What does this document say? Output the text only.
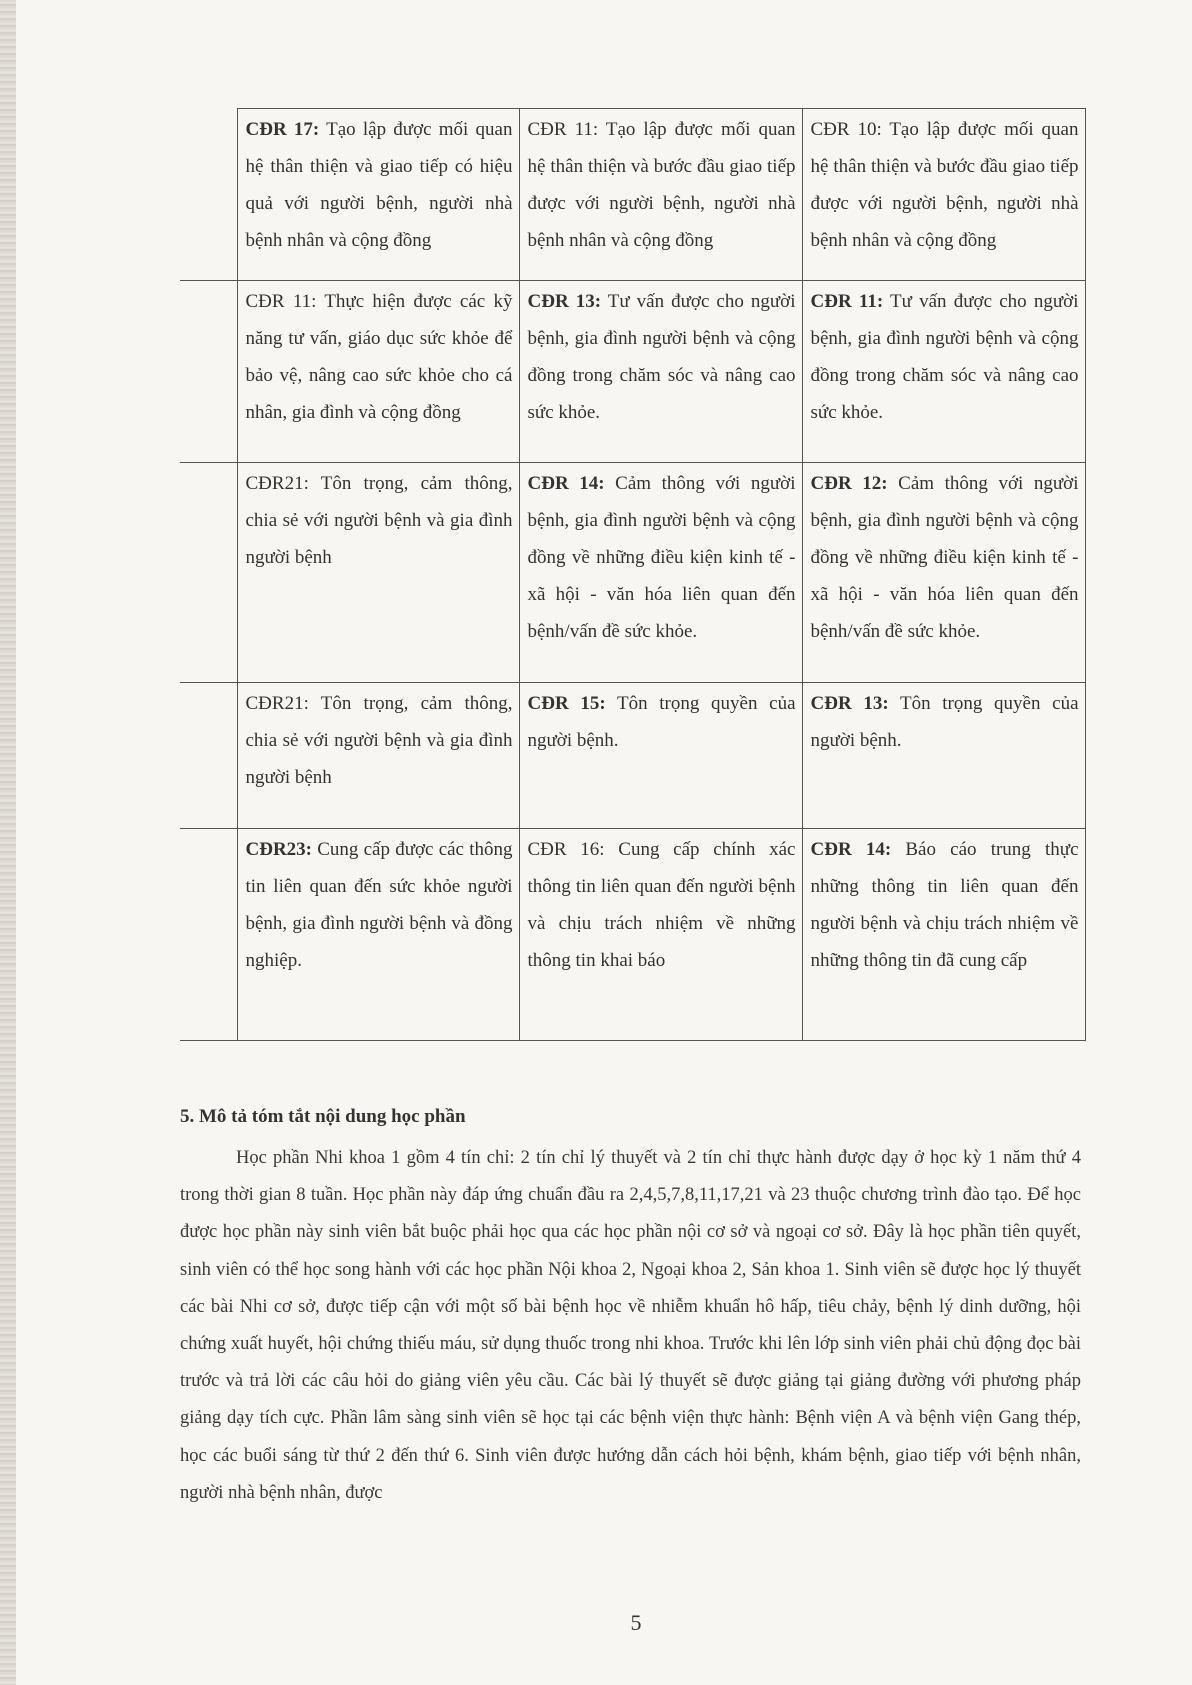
	CĐR 17: Tạo lập được mối quan hệ thân thiện và giao tiếp có hiệu quả với người bệnh, người nhà bệnh nhân và cộng đồng	CĐR 11: Tạo lập được mối quan hệ thân thiện và bước đầu giao tiếp được với người bệnh, người nhà bệnh nhân và cộng đồng	CĐR 10: Tạo lập được mối quan hệ thân thiện và bước đầu giao tiếp được với người bệnh, người nhà bệnh nhân và cộng đồng
	CĐR 11: Thực hiện được các kỹ năng tư vấn, giáo dục sức khỏe để bảo vệ, nâng cao sức khỏe cho cá nhân, gia đình và cộng đồng	CĐR 13: Tư vấn được cho người bệnh, gia đình người bệnh và cộng đồng trong chăm sóc và nâng cao sức khỏe.	CĐR 11: Tư vấn được cho người bệnh, gia đình người bệnh và cộng đồng trong chăm sóc và nâng cao sức khỏe.
	CĐR21: Tôn trọng, cảm thông, chia sẻ với người bệnh và gia đình người bệnh	CĐR 14: Cảm thông với người bệnh, gia đình người bệnh và cộng đồng về những điều kiện kinh tế - xã hội - văn hóa liên quan đến bệnh/vấn đề sức khỏe.	CĐR 12: Cảm thông với người bệnh, gia đình người bệnh và cộng đồng về những điều kiện kinh tế - xã hội - văn hóa liên quan đến bệnh/vấn đề sức khỏe.
	CĐR21: Tôn trọng, cảm thông, chia sẻ với người bệnh và gia đình người bệnh	CĐR 15: Tôn trọng quyền của người bệnh.	CĐR 13: Tôn trọng quyền của người bệnh.
	CĐR23: Cung cấp được các thông tin liên quan đến sức khỏe người bệnh, gia đình người bệnh và đồng nghiệp.	CĐR 16: Cung cấp chính xác thông tin liên quan đến người bệnh và chịu trách nhiệm về những thông tin khai báo	CĐR 14: Báo cáo trung thực những thông tin liên quan đến người bệnh và chịu trách nhiệm về những thông tin đã cung cấp
5. Mô tả tóm tắt nội dung học phần

Học phần Nhi khoa 1 gồm 4 tín chỉ: 2 tín chỉ lý thuyết và 2 tín chỉ thực hành được dạy ở học kỳ 1 năm thứ 4 trong thời gian 8 tuần. Học phần này đáp ứng chuẩn đầu ra 2,4,5,7,8,11,17,21 và 23 thuộc chương trình đào tạo. Để học được học phần này sinh viên bắt buộc phải học qua các học phần nội cơ sở và ngoại cơ sở. Đây là học phần tiên quyết, sinh viên có thể học song hành với các học phần Nội khoa 2, Ngoại khoa 2, Sản khoa 1. Sinh viên sẽ được học lý thuyết các bài Nhi cơ sở, được tiếp cận với một số bài bệnh học về nhiễm khuẩn hô hấp, tiêu chảy, bệnh lý dinh dưỡng, hội chứng xuất huyết, hội chứng thiếu máu, sử dụng thuốc trong nhi khoa. Trước khi lên lớp sinh viên phải chủ động đọc bài trước và trả lời các câu hỏi do giảng viên yêu cầu. Các bài lý thuyết sẽ được giảng tại giảng đường với phương pháp giảng dạy tích cực. Phần lâm sàng sinh viên sẽ học tại các bệnh viện thực hành: Bệnh viện A và bệnh viện Gang thép, học các buổi sáng từ thứ 2 đến thứ 6. Sinh viên được hướng dẫn cách hỏi bệnh, khám bệnh, giao tiếp với bệnh nhân, người nhà bệnh nhân, được

5
